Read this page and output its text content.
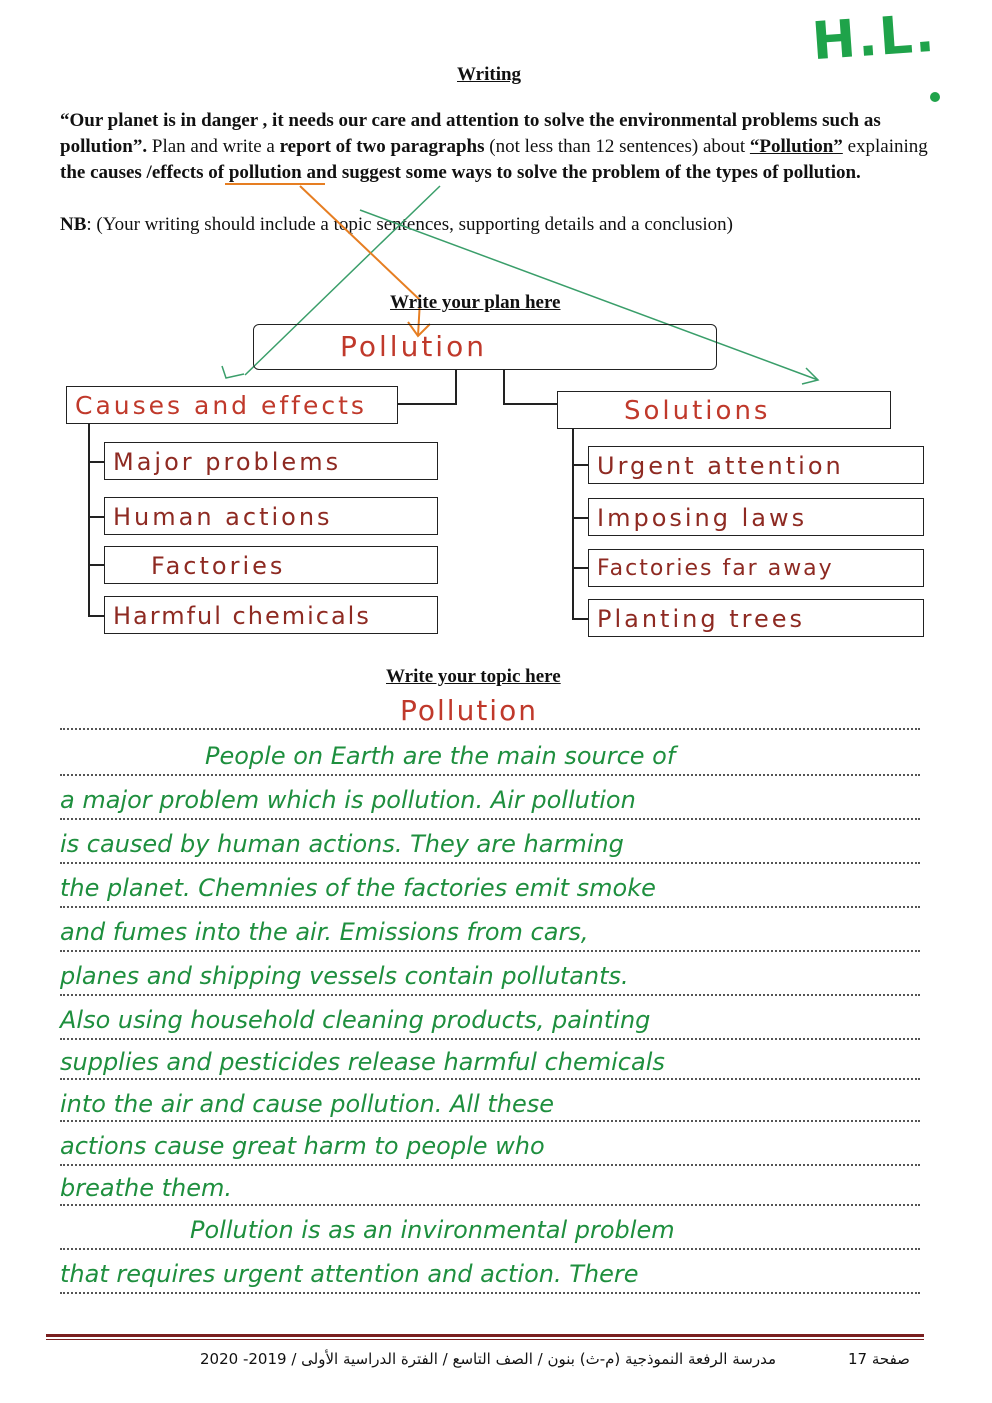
H.L.
Writing
“Our planet is in danger , it needs our care and attention to solve the environmental problems such as pollution”. Plan and write a report of two paragraphs (not less than 12 sentences) about “Pollution” explaining the causes /effects of pollution and suggest some ways to solve the problem of the types of pollution.
NB: (Your writing should include a topic sentences, supporting details and a conclusion)
Write your plan here
Pollution
Causes and effects
Major problems
Human actions
Factories
Harmful chemicals
Solutions
Urgent attention
Imposing laws
Factories far away
Planting trees
Write your topic here
Pollution
People on Earth are the main source of
a major problem which is pollution. Air pollution
is caused by human actions. They are harming
the planet. Chemnies of the factories emit smoke
and fumes into the air. Emissions from cars,
planes and shipping vessels contain pollutants.
Also using household cleaning products, painting
supplies and pesticides release harmful chemicals
into the air and cause pollution. All these
actions cause great harm to people who
breathe them.
Pollution is as an invironmental problem
that requires urgent attention and action. There
مدرسة الرفعة النموذجية (م-ث) بنون / الصف التاسع / الفترة الدراسية الأولى / 2019- 2020	17 صفحة
